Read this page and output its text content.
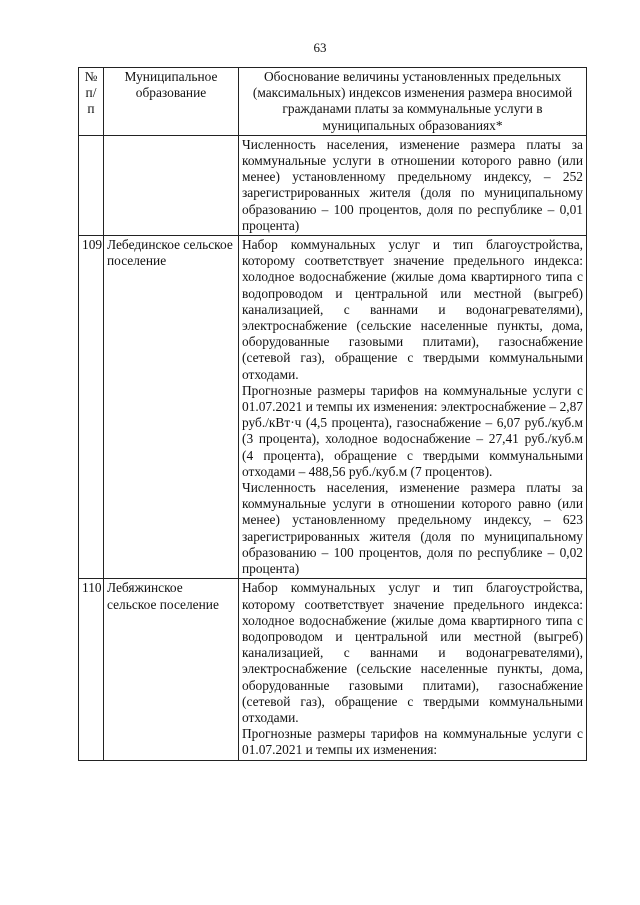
63
№ п/п	Муниципальное образование	Обоснование величины установленных предельных (максимальных) индексов изменения размера вносимой гражданами платы за коммунальные услуги в муниципальных образованиях*

		Численность населения, изменение размера платы за коммунальные услуги в отношении которого равно (или менее) установленному предельному индексу, – 252 зарегистрированных жителя (доля по муниципальному образованию – 100 процентов, доля по республике – 0,01 процента)

109	Лебединское сельское поселение	Набор коммунальных услуг и тип благоустройства, которому соответствует значение предельного индекса: холодное водоснабжение (жилые дома квартирного типа с водопроводом и центральной или местной (выгреб) канализацией, с ваннами и водонагревателями), электроснабжение (сельские населенные пункты, дома, оборудованные газовыми плитами), газоснабжение (сетевой газ), обращение с твердыми коммунальными отходами.

Прогнозные размеры тарифов на коммунальные услуги с 01.07.2021 и темпы их изменения: электроснабжение – 2,87 руб./кВт·ч (4,5 процента), газоснабжение – 6,07 руб./куб.м (3 процента), холодное водоснабжение – 27,41 руб./куб.м (4 процента), обращение с твердыми коммунальными отходами – 488,56 руб./куб.м (7 процентов).

Численность населения, изменение размера платы за коммунальные услуги в отношении которого равно (или менее) установленному предельному индексу, – 623 зарегистрированных жителя (доля по муниципальному образованию – 100 процентов, доля по республике – 0,02 процента)

110	Лебяжинское сельское поселение	Набор коммунальных услуг и тип благоустройства, которому соответствует значение предельного индекса: холодное водоснабжение (жилые дома квартирного типа с водопроводом и центральной или местной (выгреб) канализацией, с ваннами и водонагревателями), электроснабжение (сельские населенные пункты, дома, оборудованные газовыми плитами), газоснабжение (сетевой газ), обращение с твердыми коммунальными отходами.

Прогнозные размеры тарифов на коммунальные услуги с 01.07.2021 и темпы их изменения:
